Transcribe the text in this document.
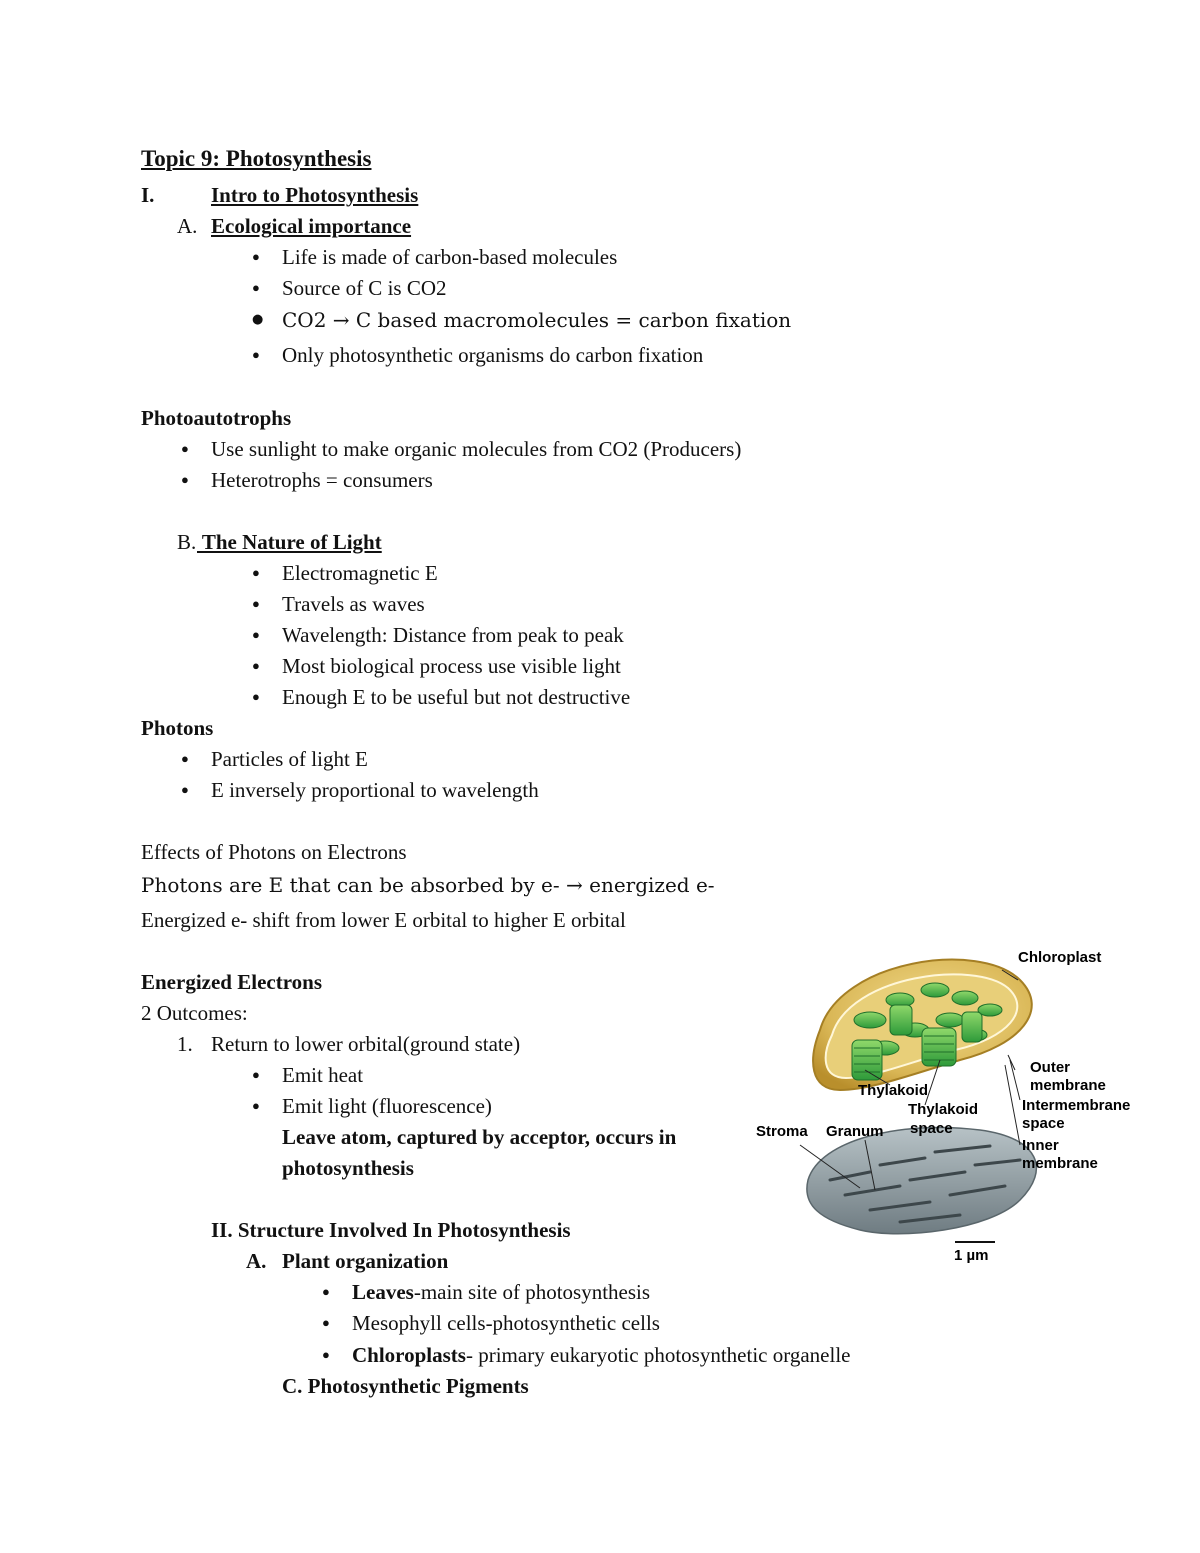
Topic 9: Photosynthesis
I.	Intro to Photosynthesis
A. Ecological importance
● Life is made of carbon-based molecules
● Source of C is CO2
● CO2 → C based macromolecules = carbon fixation
● Only photosynthetic organisms do carbon fixation
Photoautotrophs
● Use sunlight to make organic molecules from CO2 (Producers)
● Heterotrophs = consumers
B. The Nature of Light
● Electromagnetic E
● Travels as waves
● Wavelength: Distance from peak to peak
● Most biological process use visible light
● Enough E to be useful but not destructive
Photons
● Particles of light E
● E inversely proportional to wavelength
Effects of Photons on Electrons
Photons are E that can be absorbed by e- → energized e-
Energized e- shift from lower E orbital to higher E orbital
Energized Electrons
2 Outcomes:
1. Return to lower orbital(ground state)
● Emit heat
● Emit light (fluorescence)
Leave atom, captured by acceptor, occurs in
photosynthesis
II. Structure Involved In Photosynthesis
A. Plant organization
● Leaves-main site of photosynthesis
● Mesophyll cells-photosynthetic cells
● Chloroplasts- primary eukaryotic photosynthetic organelle
C. Photosynthetic Pigments
Chloroplast
Outer
membrane
Intermembrane
space
Inner
membrane
Thylakoid
Thylakoid
space
Stroma Granum
1 µm
